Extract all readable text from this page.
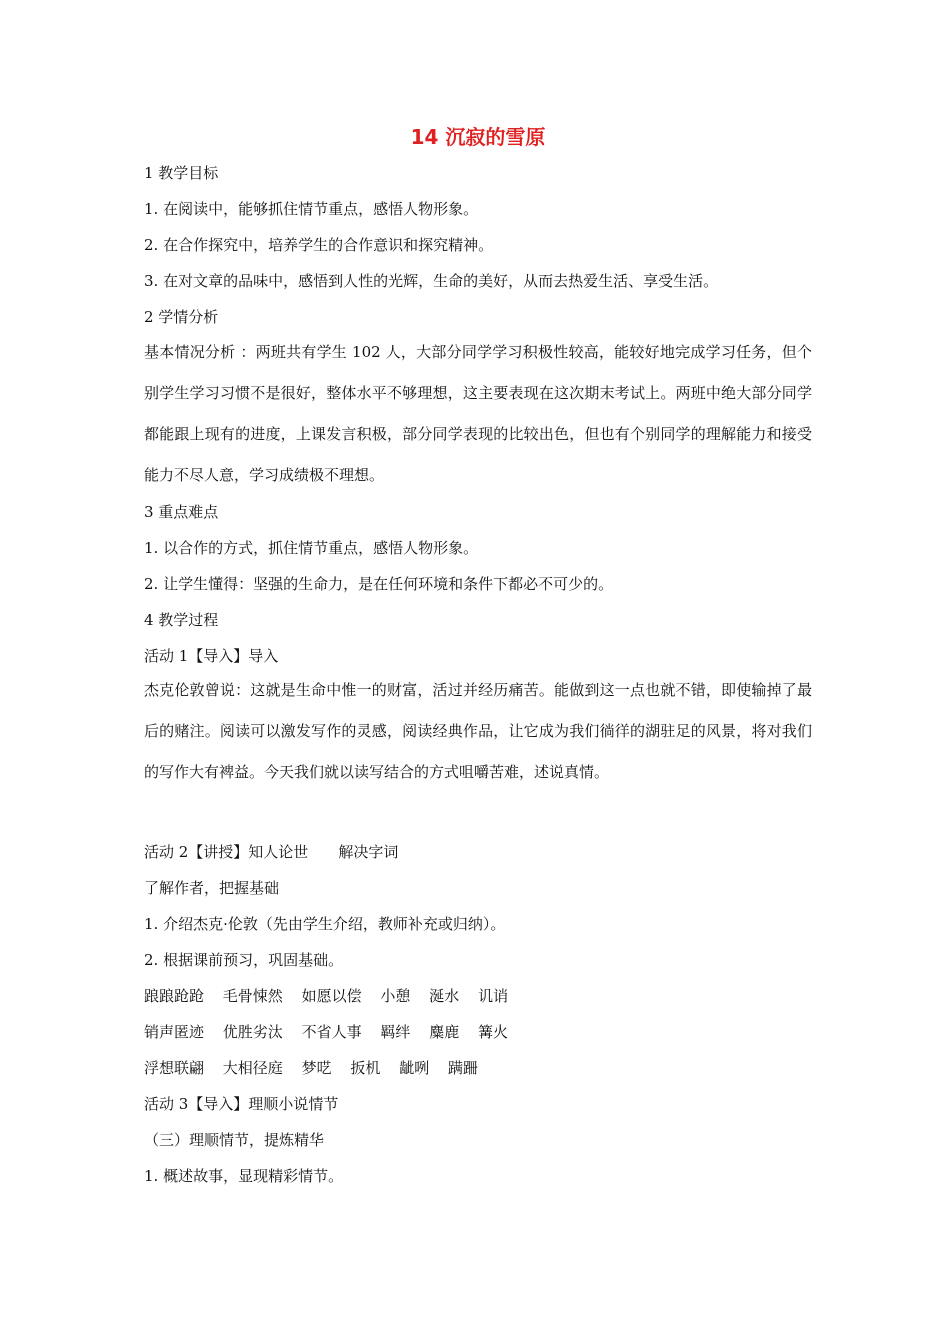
14 沉寂的雪原
1 教学目标
1. 在阅读中，能够抓住情节重点，感悟人物形象。
2. 在合作探究中，培养学生的合作意识和探究精神。
3. 在对文章的品味中，感悟到人性的光辉，生命的美好，从而去热爱生活、享受生活。
2 学情分析
基本情况分析 ：两班共有学生 102 人，大部分同学学习积极性较高，能较好地完成学习任务，但个别学生学习习惯不是很好，整体水平不够理想，这主要表现在这次期末考试上。两班中绝大部分同学都能跟上现有的进度，上课发言积极，部分同学表现的比较出色，但也有个别同学的理解能力和接受能力不尽人意，学习成绩极不理想。
3 重点难点
1. 以合作的方式，抓住情节重点，感悟人物形象。
2. 让学生懂得：坚强的生命力，是在任何环境和条件下都必不可少的。
4 教学过程
活动 1【导入】导入
杰克伦敦曾说：这就是生命中惟一的财富，活过并经历痛苦。能做到这一点也就不错，即使输掉了最后的赌注。阅读可以激发写作的灵感，阅读经典作品，让它成为我们徜徉的湖驻足的风景，将对我们的写作大有裨益。今天我们就以读写结合的方式咀嚼苦难，述说真情。
活动 2【讲授】知人论世 解决字词
了解作者，把握基础
1. 介绍杰克·伦敦（先由学生介绍，教师补充或归纳）。
2. 根据课前预习，巩固基础。
踉踉跄跄 毛骨悚然 如愿以偿 小憩 涎水 讥诮
销声匿迹 优胜劣汰 不省人事 羁绊 麋鹿 篝火
浮想联翩 大相径庭 梦呓 扳机 龇咧 蹒跚
活动 3【导入】理顺小说情节
（三）理顺情节，提炼精华
1. 概述故事，显现精彩情节。
